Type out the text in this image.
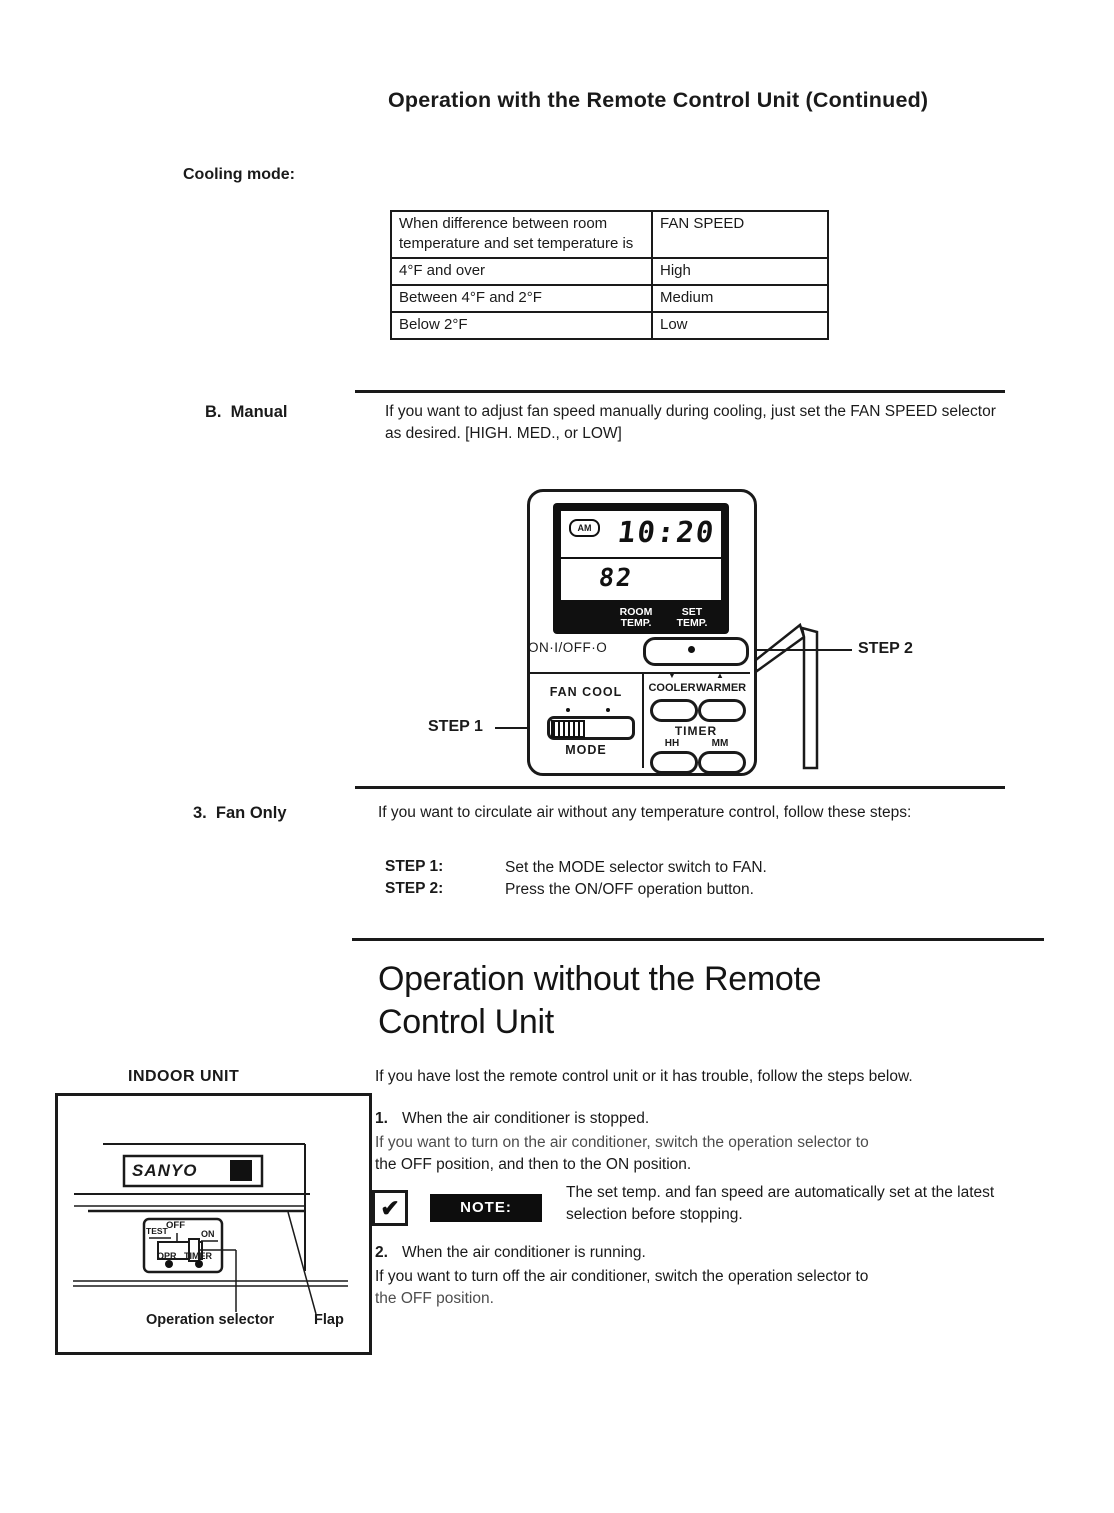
Operation with the Remote Control Unit (Continued)
Cooling mode:
When difference between room temperature and set temperature is	FAN SPEED
4°F and over	High
Between 4°F and 2°F	Medium
Below 2°F	Low
B.  Manual	If you want to adjust fan speed manually during cooling, just set the FAN SPEED selector as desired. [HIGH. MED., or LOW]
AM 10:20
82
ROOM
TEMP.
SET
TEMP.
ON·I/OFF·O
FAN COOL
MODE
▼	▲
COOLER WARMER
TIMER
HH	MM
STEP 2
STEP 1
3.  Fan Only	If you want to circulate air without any temperature control, follow these steps:
STEP 1:	Set the MODE selector switch to FAN.
STEP 2:	Press the ON/OFF operation button.
Operation without the Remote
Control Unit
INDOOR UNIT	If you have lost the remote control unit or it has trouble, follow the steps below.
1. When the air conditioner is stopped.
If you want to turn on the air conditioner, switch the operation selector to
the OFF position, and then to the ON position.
✔	NOTE:
The set temp. and fan speed are automatically set at the latest selection before stopping.
2. When the air conditioner is running.
If you want to turn off the air conditioner, switch the operation selector to
the OFF position.
SANYO
TEST
OFF
ON
OPR TIMER
Operation selector	Flap
